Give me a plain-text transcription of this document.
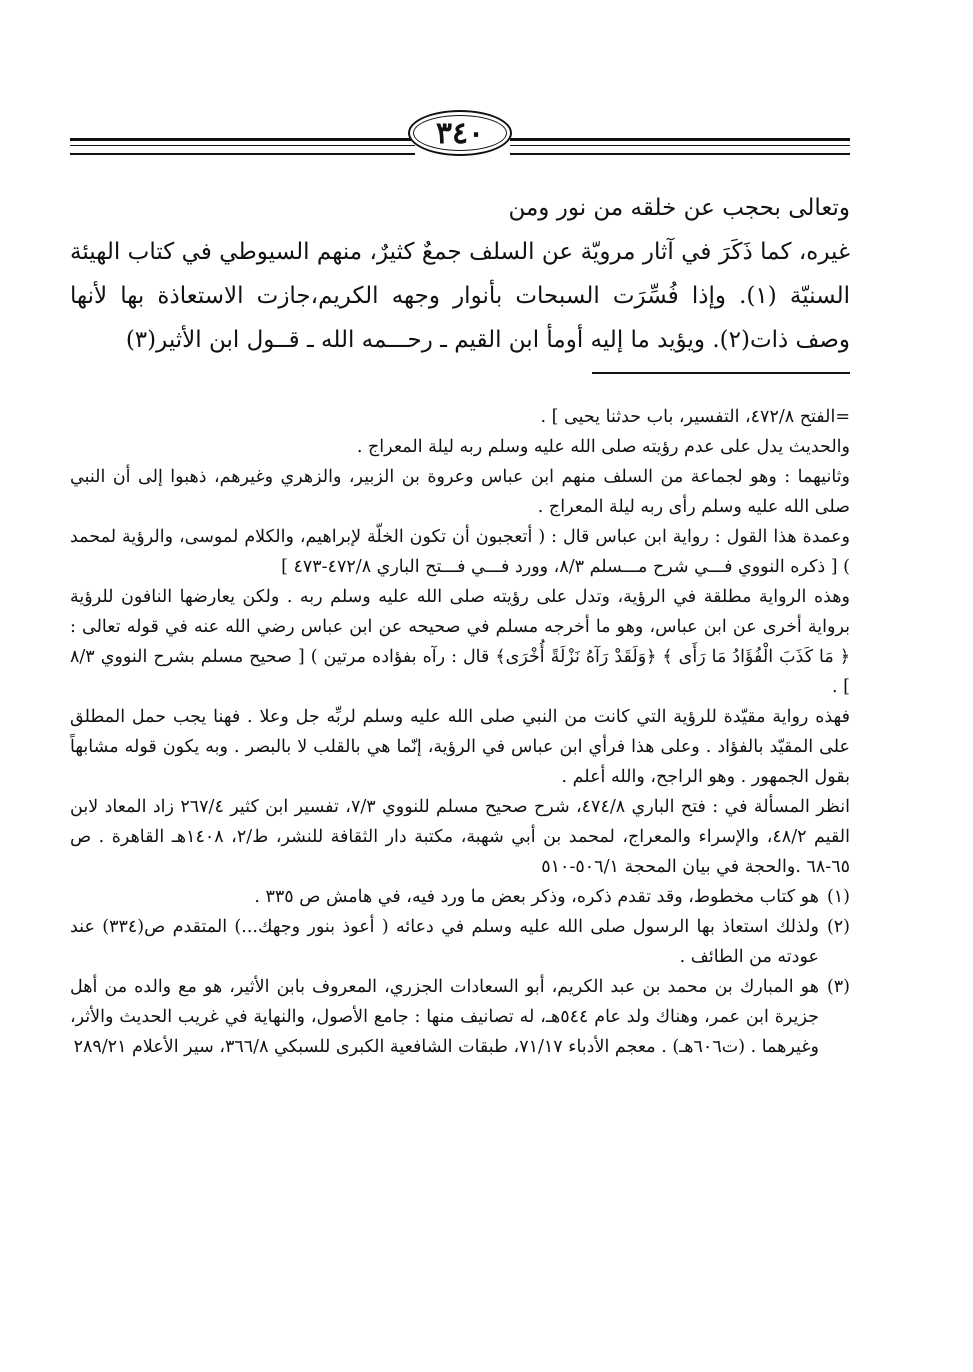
٣٤٠

وتعالى بحجب عن خلقه من نور ومن

غيره، كما ذَكَرَ في آثار مرويّة عن السلف جمعٌ كثيرٌ، منهم السيوطي في كتاب الهيئة السنيّة (١). وإذا فُسِّرَت السبحات بأنوار وجهه الكريم،جازت الاستعاذة بها لأنها وصف ذات(٢). ويؤيد ما إليه أومأ ابن القيم ـ رحـــمه الله ـ قــول ابن الأثير(٣)

=الفتح ٤٧٢/٨، التفسير، باب حدثنا يحيى ] .

والحديث يدل على عدم رؤيته صلى الله عليه وسلم ربه ليلة المعراج .

وثانيهما : وهو لجماعة من السلف منهم ابن عباس وعروة بن الزبير، والزهري وغيرهم، ذهبوا إلى أن النبي صلى الله عليه وسلم رأى ربه ليلة المعراج .

وعمدة هذا القول : رواية ابن عباس قال : ( أتعجبون أن تكون الخلّة لإبراهيم، والكلام لموسى، والرؤية لمحمد ) [ ذكره النووي فـــي شرح مـــسلم ٨/٣، وورد فـــي فـــتح الباري ٤٧٢/٨-٤٧٣ ]

وهذه الرواية مطلقة في الرؤية، وتدل على رؤيته صلى الله عليه وسلم ربه . ولكن يعارضها النافون للرؤية برواية أخرى عن ابن عباس، وهو ما أخرجه مسلم في صحيحه عن ابن عباس رضي الله عنه في قوله تعالى : ﴿ مَا كَذَبَ الْفُؤَادُ مَا رَأَى ﴾ ﴿وَلَقَدْ رَآهُ نَزْلَةً أُخْرَى﴾ قال : رآه بفؤاده مرتين ) [ صحيح مسلم بشرح النووي ٨/٣ ] .

فهذه رواية مقيّدة للرؤية التي كانت من النبي صلى الله عليه وسلم لربِّه جل وعلا . فهنا يجب حمل المطلق على المقيّد بالفؤاد . وعلى هذا فرأي ابن عباس في الرؤية، إنّما هي بالقلب لا بالبصر . وبه يكون قوله مشابهاً بقول الجمهور . وهو الراجح، والله أعلم .

انظر المسألة في : فتح الباري ٤٧٤/٨، شرح صحيح مسلم للنووي ٧/٣، تفسير ابن كثير ٢٦٧/٤ زاد المعاد لابن القيم ٤٨/٢، والإسراء والمعراج، لمحمد بن أبي شهبة، مكتبة دار الثقافة للنشر، ط/٢، ١٤٠٨هـ القاهرة . ص ٦٥-٦٨ .والحجة في بيان المحجة ٥٠٦/١-٥١٠

(١)
هو كتاب مخطوط، وقد تقدم ذكره، وذكر بعض ما ورد فيه، في هامش ص ٣٣٥ .
(٢)
ولذلك استعاذ بها الرسول صلى الله عليه وسلم في دعائه ( أعوذ بنور وجهك...) المتقدم ص(٣٣٤) عند عودته من الطائف .
(٣)
هو المبارك بن محمد بن عبد الكريم، أبو السعادات الجزري، المعروف بابن الأثير، هو مع والده من أهل جزيرة ابن عمر، وهناك ولد عام ٥٤٤هـ، له تصانيف منها : جامع الأصول، والنهاية في غريب الحديث والأثر، وغيرهما . (ت٦٠٦هـ) . معجم الأدباء ٧١/١٧، طبقات الشافعية الكبرى للسبكي ٣٦٦/٨، سير الأعلام ٢٨٩/٢١
